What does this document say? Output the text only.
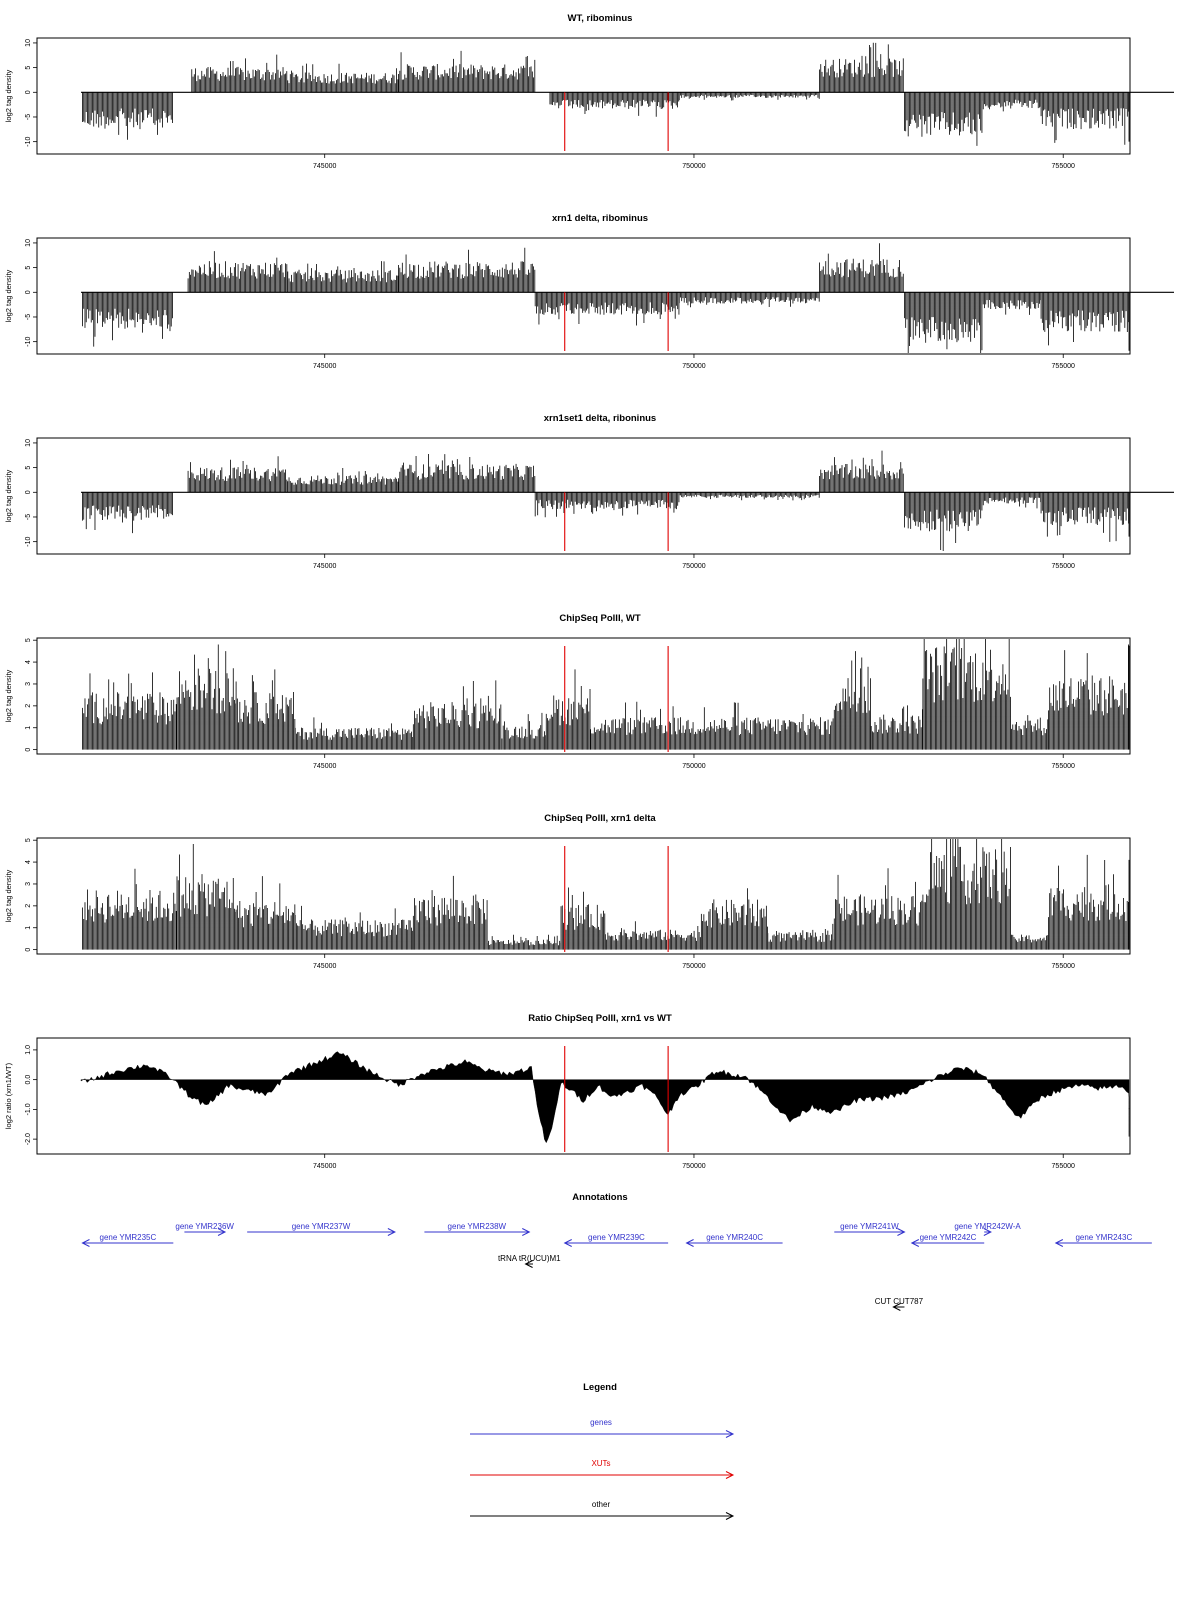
WT, ribominus
log2 tag density
-10
-5
0
5
10
745000	750000	755000
xrn1 delta, ribominus
log2 tag density
-10
-5
0
5
10
745000	750000	755000
xrn1set1 delta, riboninus
log2 tag density
-10
-5
0
5
10
745000	750000	755000
ChipSeq PolII, WT
log2 tag density
0
1
2
3
4
5
745000	750000	755000
ChipSeq PolII, xrn1 delta
log2 tag density
0
1
2
3
4
5
745000	750000	755000
Ratio ChipSeq PolII, xrn1 vs WT
log2 ratio (xrn1/WT)
-2.0
-1.0
0.0
1.0
745000	750000	755000
Annotations
gene YMR235C
gene YMR236W	gene YMR237W	gene YMR238W
gene YMR239C	gene YMR240C
gene YMR241W
gene YMR242C
gene YMR242W-A
gene YMR243C
tRNA tR(UCU)M1
CUT CUT787
Legend
genes
XUTs
other
